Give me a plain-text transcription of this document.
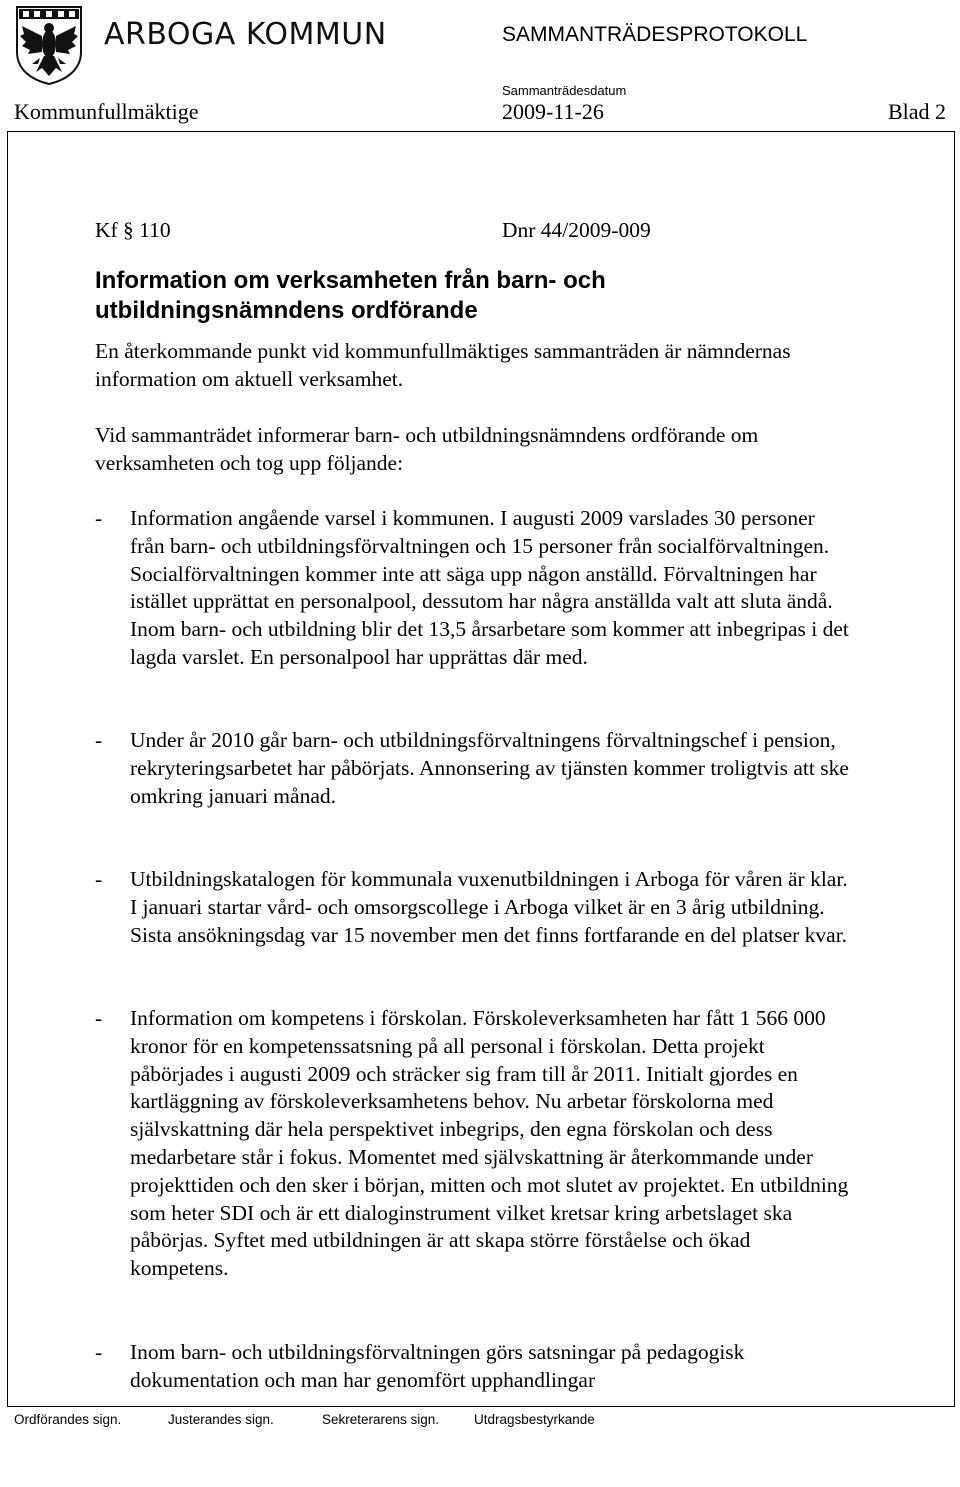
ARBOGA KOMMUN	SAMMANTRÄDESPROTOKOLL
Sammanträdesdatum
Kommunfullmäktige	2009-11-26	Blad 2
Kf § 110	Dnr 44/2009-009
Information om verksamheten från barn- och utbildningsnämndens ordförande
En återkommande punkt vid kommunfullmäktiges sammanträden är nämndernas information om aktuell verksamhet.
Vid sammanträdet informerar barn- och utbildningsnämndens ordförande om verksamheten och tog upp följande:
- Information angående varsel i kommunen. I augusti 2009 varslades 30 personer från barn- och utbildningsförvaltningen och 15 personer från socialförvaltningen. Socialförvaltningen kommer inte att säga upp någon anställd. Förvaltningen har istället upprättat en personalpool, dessutom har några anställda valt att sluta ändå. Inom barn- och utbildning blir det 13,5 årsarbetare som kommer att inbegripas i det lagda varslet. En personalpool har upprättas där med.
- Under år 2010 går barn- och utbildningsförvaltningens förvaltningschef i pension, rekryteringsarbetet har påbörjats. Annonsering av tjänsten kommer troligtvis att ske omkring januari månad.
- Utbildningskatalogen för kommunala vuxenutbildningen i Arboga för våren är klar. I januari startar vård- och omsorgscollege i Arboga vilket är en 3 årig utbildning. Sista ansökningsdag var 15 november men det finns fortfarande en del platser kvar.
- Information om kompetens i förskolan. Förskoleverksamheten har fått 1 566 000 kronor för en kompetenssatsning på all personal i förskolan. Detta projekt påbörjades i augusti 2009 och sträcker sig fram till år 2011. Initialt gjordes en kartläggning av förskoleverksamhetens behov. Nu arbetar förskolorna med självskattning där hela perspektivet inbegrips, den egna förskolan och dess medarbetare står i fokus. Momentet med självskattning är återkommande under projekttiden och den sker i början, mitten och mot slutet av projektet. En utbildning som heter SDI och är ett dialoginstrument vilket kretsar kring arbetslaget ska påbörjas. Syftet med utbildningen är att skapa större förståelse och ökad kompetens.
- Inom barn- och utbildningsförvaltningen görs satsningar på pedagogisk dokumentation och man har genomfört upphandlingar
Ordförandes sign.	Justerandes sign.	Sekreterarens sign.	Utdragsbestyrkande
